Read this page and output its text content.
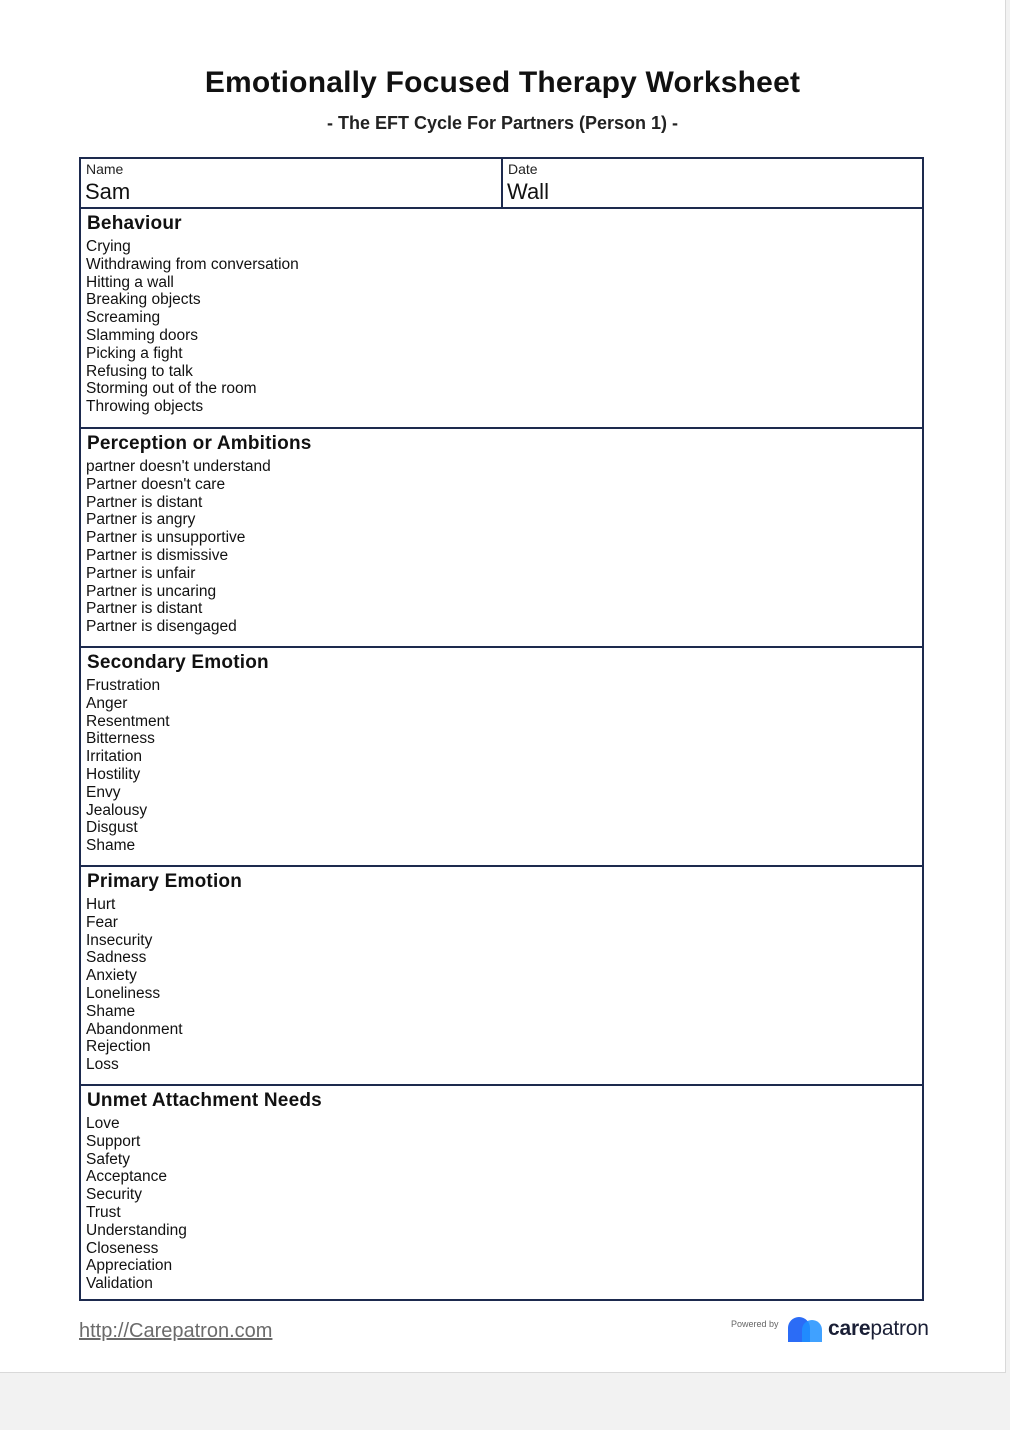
Emotionally Focused Therapy Worksheet
- The EFT Cycle For Partners (Person 1) -
Name
Sam
Date
Wall
Behaviour
Crying
Withdrawing from conversation
Hitting a wall
Breaking objects
Screaming
Slamming doors
Picking a fight
Refusing to talk
Storming out of the room
Throwing objects
Perception or Ambitions
partner doesn't understand
Partner doesn't care
Partner is distant
Partner is angry
Partner is unsupportive
Partner is dismissive
Partner is unfair
Partner is uncaring
Partner is distant
Partner is disengaged
Secondary Emotion
Frustration
Anger
Resentment
Bitterness
Irritation
Hostility
Envy
Jealousy
Disgust
Shame
Primary Emotion
Hurt
Fear
Insecurity
Sadness
Anxiety
Loneliness
Shame
Abandonment
Rejection
Loss
Unmet Attachment Needs
Love
Support
Safety
Acceptance
Security
Trust
Understanding
Closeness
Appreciation
Validation
http://Carepatron.com	Powered by carepatron
